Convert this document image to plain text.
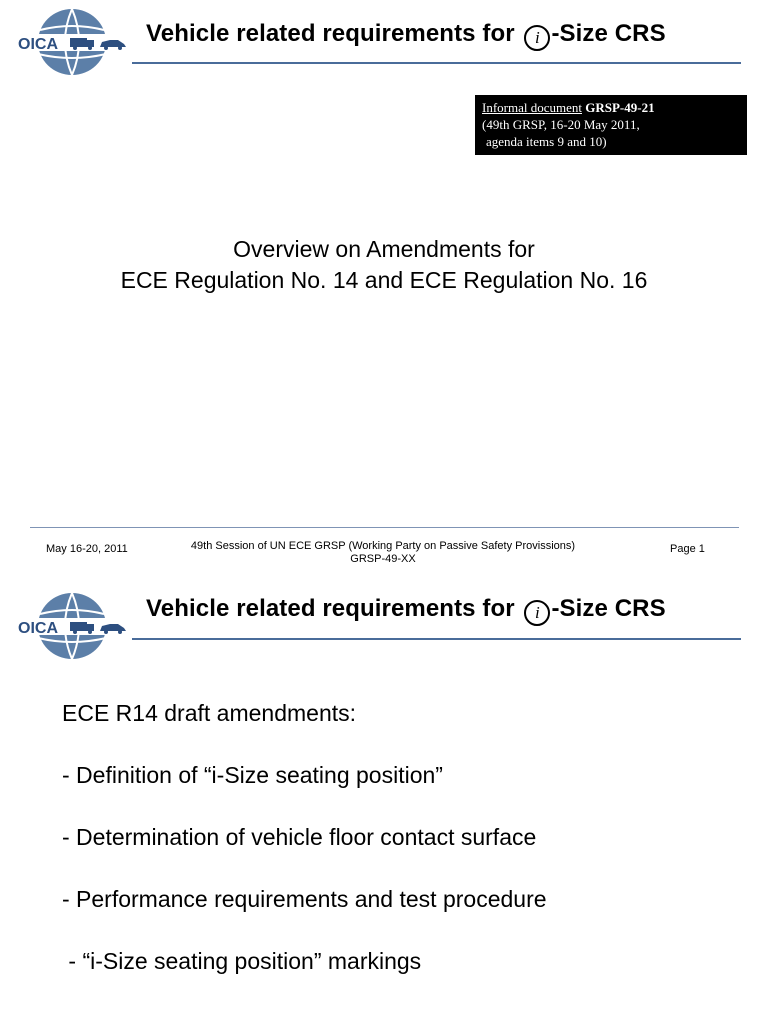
OICA	Vehicle related requirements for i -Size CRS
Informal document GRSP-49-21
(49th GRSP, 16-20 May 2011,
agenda items 9 and 10)
Overview on Amendments for
ECE Regulation No. 14 and ECE Regulation No. 16
May 16-20, 2011	49th Session of UN ECE GRSP (Working Party on Passive Safety Provissions)
GRSP-49-XX
Page 1
OICA
Vehicle related requirements for i -Size CRS
ECE R14 draft amendments:
- Definition of “i-Size seating position”
- Determination of vehicle floor contact surface
- Performance requirements and test procedure
- “i-Size seating position” markings
